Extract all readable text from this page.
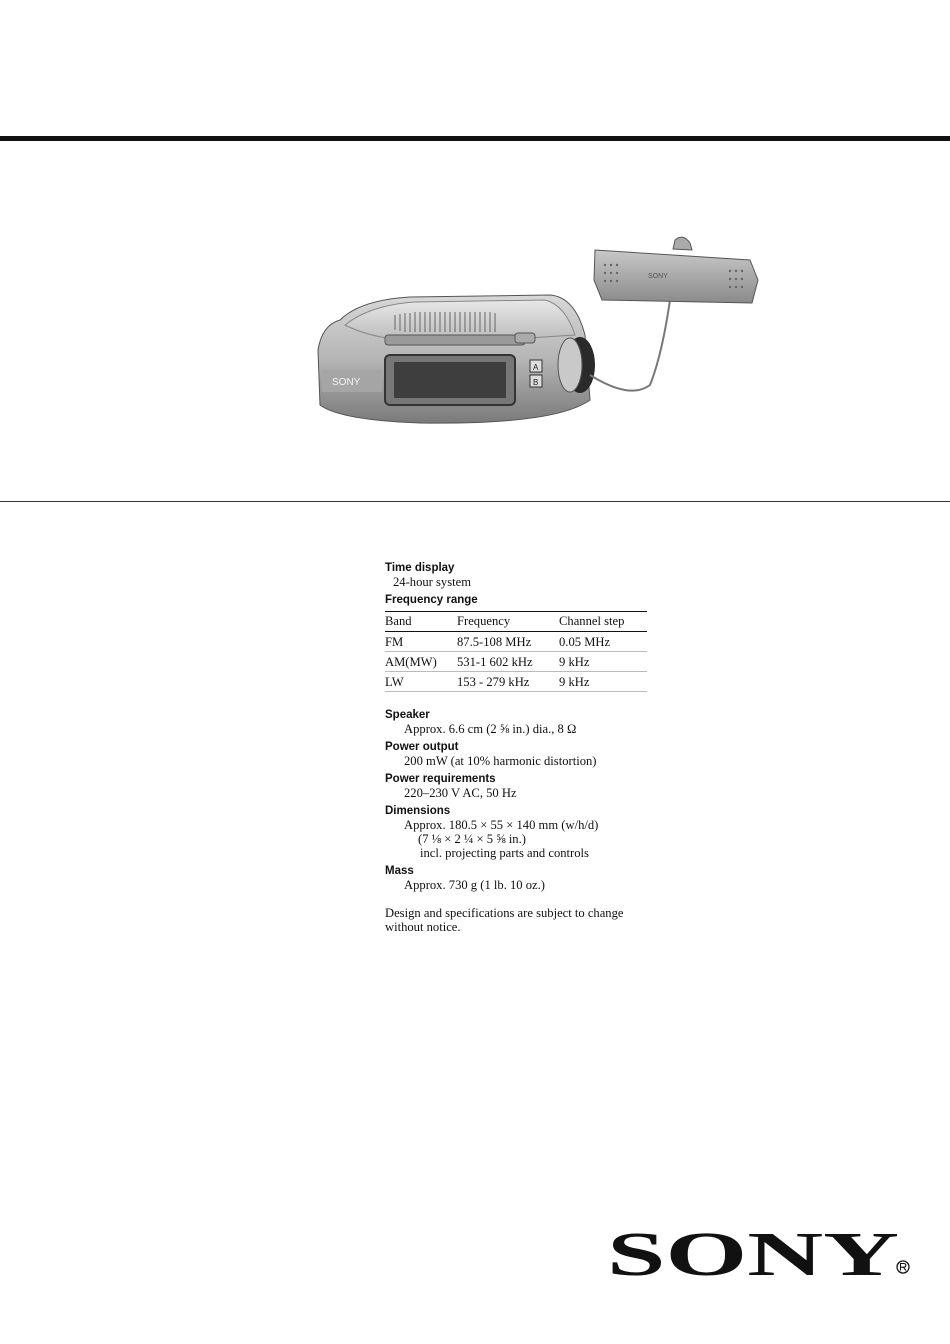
SONY
A
B
SONY
Time display
24-hour system
Frequency range
Band	Frequency	Channel step
FM	87.5-108 MHz	0.05 MHz
AM(MW)	531-1 602 kHz	9 kHz
LW	153 - 279 kHz	9 kHz
Speaker
Approx. 6.6 cm (2 ⅝ in.) dia., 8 Ω
Power output
200 mW (at 10% harmonic distortion)
Power requirements
220–230 V AC, 50 Hz
Dimensions
Approx. 180.5 × 55 × 140 mm (w/h/d)
(7 ⅛ × 2 ¼ × 5 ⅝ in.)
incl. projecting parts and controls
Mass
Approx. 730 g (1 lb. 10 oz.)
Design and specifications are subject to change
without notice.
SONY
